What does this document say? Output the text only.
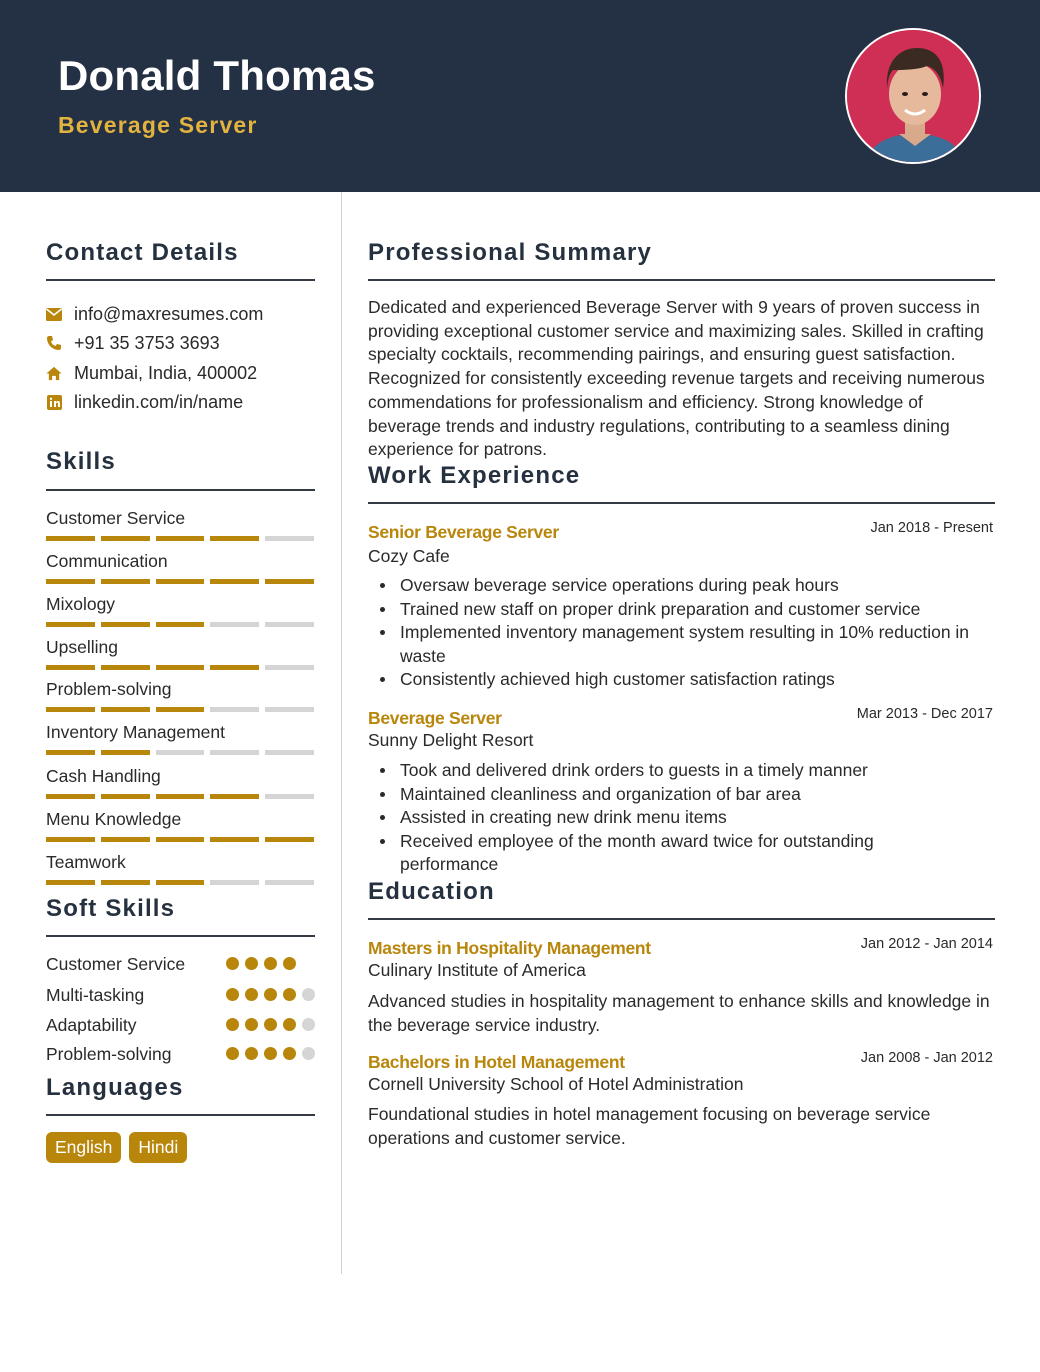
Donald Thomas
Beverage Server
Contact Details
info@maxresumes.com
+91 35 3753 3693
Mumbai, India, 400002
linkedin.com/in/name
Skills
Customer Service
Communication
Mixology
Upselling
Problem-solving
Inventory Management
Cash Handling
Menu Knowledge
Teamwork
Soft Skills
Customer Service
Multi-tasking
Adaptability
Problem-solving
Languages
English	Hindi
Professional Summary
Dedicated and experienced Beverage Server with 9 years of proven success in providing exceptional customer service and maximizing sales. Skilled in crafting specialty cocktails, recommending pairings, and ensuring guest satisfaction. Recognized for consistently exceeding revenue targets and receiving numerous commendations for professionalism and efficiency. Strong knowledge of beverage trends and industry regulations, contributing to a seamless dining experience for patrons.
Work Experience
Senior Beverage Server	Jan 2018 - Present
Cozy Cafe
Oversaw beverage service operations during peak hours
Trained new staff on proper drink preparation and customer service
Implemented inventory management system resulting in 10% reduction in waste
Consistently achieved high customer satisfaction ratings
Beverage Server	Mar 2013 - Dec 2017
Sunny Delight Resort
Took and delivered drink orders to guests in a timely manner
Maintained cleanliness and organization of bar area
Assisted in creating new drink menu items
Received employee of the month award twice for outstanding performance
Education
Masters in Hospitality Management	Jan 2012 - Jan 2014
Culinary Institute of America
Advanced studies in hospitality management to enhance skills and knowledge in the beverage service industry.
Bachelors in Hotel Management	Jan 2008 - Jan 2012
Cornell University School of Hotel Administration
Foundational studies in hotel management focusing on beverage service operations and customer service.
